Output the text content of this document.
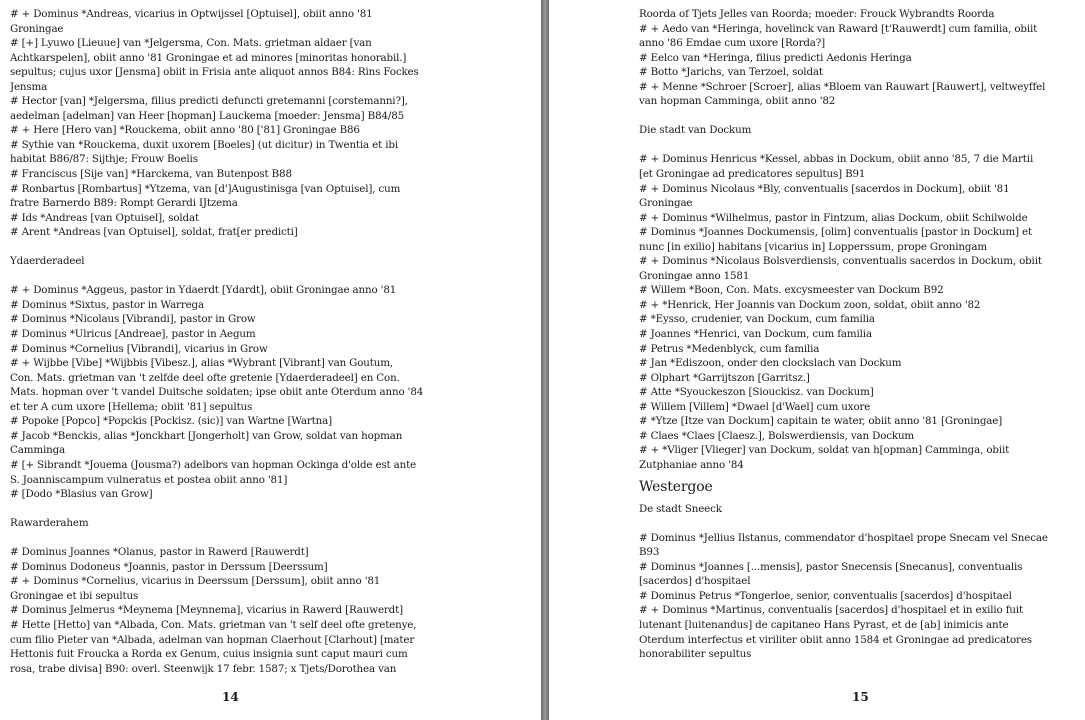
# + Dominus *Andreas, vicarius in Optwijssel [Optuisel], obiit anno '81
Groningae
# [+] Lyuwo [Lieuue] van *Jelgersma, Con. Mats. grietman aldaer [van
Achtkarspelen], obiit anno '81 Groningae et ad minores [minoritas honorabil.]
sepultus; cujus uxor [Jensma] obiit in Frisia ante aliquot annos B84: Rins Fockes
Jensma
# Hector [van] *Jelgersma, filius predicti defuncti gretemanni [corstemanni?],
aedelman [adelman] van Heer [hopman] Lauckema [moeder: Jensma] B84/85
# + Here [Hero van] *Rouckema, obiit anno '80 ['81] Groningae B86
# Sythie van *Rouckema, duxit uxorem [Boeles] (ut dicitur) in Twentia et ibi
habitat B86/87: Sijthje; Frouw Boelis
# Franciscus [Sije van] *Harckema, van Butenpost B88
# Ronbartus [Rombartus] *Ytzema, van [d']Augustinisga [van Optuisel], cum
fratre Barnerdo B89: Rompt Gerardi IJtzema
# Ids *Andreas [van Optuisel], soldat
# Arent *Andreas [van Optuisel], soldat, frat[er predicti]
Ydaerderadeel
# + Dominus *Aggeus, pastor in Ydaerdt [Ydardt], obiit Groningae anno '81
# Dominus *Sixtus, pastor in Warrega
# Dominus *Nicolaus [Vibrandi], pastor in Grow
# Dominus *Ulricus [Andreae], pastor in Aegum
# Dominus *Cornelius [Vibrandi], vicarius in Grow
# + Wijbbe [Vibe] *Wijbbis [Vibesz.], alias *Wybrant [Vibrant] van Goutum,
Con. Mats. grietman van 't zelfde deel ofte gretenie [Ydaerderadeel] en Con.
Mats. hopman over 't vandel Duitsche soldaten; ipse obiit ante Oterdum anno '84
et ter A cum uxore [Hellema; obiit '81] sepultus
# Popoke [Popco] *Popckis [Pockisz. (sic)] van Wartne [Wartna]
# Jacob *Benckis, alias *Jonckhart [Jongerholt] van Grow, soldat van hopman
Camminga
# [+ Sibrandt *Jouema (Jousma?) adelbors van hopman Ockinga d'olde est ante
S. Joanniscampum vulneratus et postea obiit anno '81]
# [Dodo *Blasius van Grow]
Rawarderahem
# Dominus Joannes *Olanus, pastor in Rawerd [Rauwerdt]
# Dominus Dodoneus *Joannis, pastor in Derssum [Deerssum]
# + Dominus *Cornelius, vicarius in Deerssum [Derssum], obiit anno '81
Groningae et ibi sepultus
# Dominus Jelmerus *Meynema [Meynnema], vicarius in Rawerd [Rauwerdt]
# Hette [Hetto] van *Albada, Con. Mats. grietman van 't self deel ofte gretenye,
cum filio Pieter van *Albada, adelman van hopman Claerhout [Clarhout] [mater
Hettonis fuit Froucka a Rorda ex Genum, cuius insignia sunt caput mauri cum
rosa, trabe divisa] B90: overl. Steenwijk 17 febr. 1587; x Tjets/Dorothea van
14
Roorda of Tjets Jelles van Roorda; moeder: Frouck Wybrandts Roorda
# + Aedo van *Heringa, hovelinck van Raward [t'Rauwerdt] cum familia, obiit
anno '86 Emdae cum uxore [Rorda?]
# Eelco van *Heringa, filius predicti Aedonis Heringa
# Botto *Jarichs, van Terzoel, soldat
# + Menne *Schroer [Scroer], alias *Bloem van Rauwart [Rauwert], veltweyffel
van hopman Camminga, obiit anno '82
Die stadt van Dockum
# + Dominus Henricus *Kessel, abbas in Dockum, obiit anno '85, 7 die Martii
[et Groningae ad predicatores sepultus] B91
# + Dominus Nicolaus *Bly, conventualis [sacerdos in Dockum], obiit '81
Groningae
# + Dominus *Wilhelmus, pastor in Fintzum, alias Dockum, obiit Schilwolde
# Dominus *Joannes Dockumensis, [olim] conventualis [pastor in Dockum] et
nunc [in exilio] habitans [vicarius in] Lopperssum, prope Groningam
# + Dominus *Nicolaus Bolsverdiensis, conventualis sacerdos in Dockum, obiit
Groningae anno 1581
# Willem *Boon, Con. Mats. excysmeester van Dockum B92
# + *Henrick, Her Joannis van Dockum zoon, soldat, obiit anno '82
# *Eysso, crudenier, van Dockum, cum familia
# Joannes *Henrici, van Dockum, cum familia
# Petrus *Medenblyck, cum familia
# Jan *Ediszoon, onder den clockslach van Dockum
# Olphart *Garrijtszon [Garritsz.]
# Atte *Syouckeszon [Siouckisz. van Dockum]
# Willem [Villem] *Dwael [d'Wael] cum uxore
# *Ytze [Itze van Dockum] capitain te water, obiit anno '81 [Groningae]
# Claes *Claes [Claesz.], Bolswerdiensis, van Dockum
# + *Vliger [Vlieger] van Dockum, soldat van h[opman] Camminga, obiit
Zutphaniae anno '84
Westergoe
De stadt Sneeck
# Dominus *Jellius Ilstanus, commendator d'hospitael prope Snecam vel Snecae
B93
# Dominus *Joannes [...mensis], pastor Snecensis [Snecanus], conventualis
[sacerdos] d'hospitael
# Dominus Petrus *Tongerloe, senior, conventualis [sacerdos] d'hospitael
# + Dominus *Martinus, conventualis [sacerdos] d'hospitael et in exilio fuit
lutenant [luitenandus] de capitaneo Hans Pyrast, et de [ab] inimicis ante
Oterdum interfectus et viriliter obiit anno 1584 et Groningae ad predicatores
honorabiliter sepultus
15
